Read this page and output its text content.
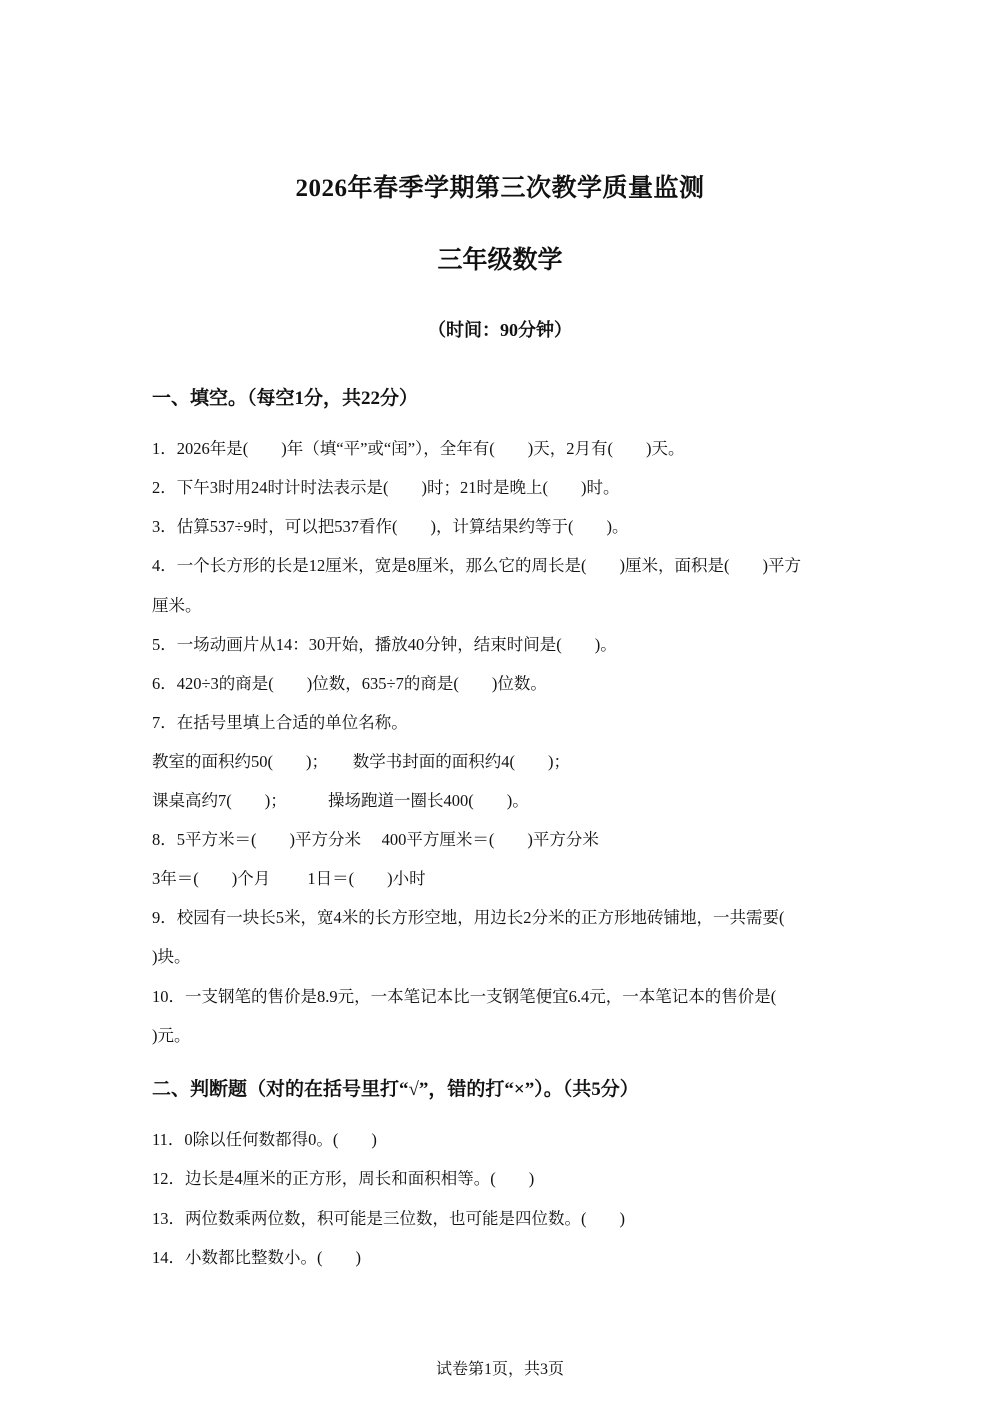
2026年春季学期第三次教学质量监测
三年级数学
（时间：90分钟）
一、填空。（每空1分，共22分）
1．2026年是(　　)年（填“平”或“闰”），全年有(　　)天，2月有(　　)天。
2．下午3时用24时计时法表示是(　　)时；21时是晚上(　　)时。
3．估算537÷9时，可以把537看作(　　)，计算结果约等于(　　)。
4．一个长方形的长是12厘米，宽是8厘米，那么它的周长是(　　)厘米，面积是(　　)平方
厘米。
5．一场动画片从14：30开始，播放40分钟，结束时间是(　　)。
6．420÷3的商是(　　)位数，635÷7的商是(　　)位数。
7．在括号里填上合适的单位名称。
教室的面积约50(　　)；　　数学书封面的面积约4(　　)；
课桌高约7(　　)；　　　操场跑道一圈长400(　　)。
8．5平方米＝(　　)平方分米　 400平方厘米＝(　　)平方分米
3年＝(　　)个月　　 1日＝(　　)小时
9．校园有一块长5米，宽4米的长方形空地，用边长2分米的正方形地砖铺地，一共需要(
)块。
10．一支钢笔的售价是8.9元，一本笔记本比一支钢笔便宜6.4元，一本笔记本的售价是(
)元。
二、判断题（对的在括号里打“√”，错的打“×”）。（共5分）
11．0除以任何数都得0。(　　)
12．边长是4厘米的正方形，周长和面积相等。(　　)
13．两位数乘两位数，积可能是三位数，也可能是四位数。(　　)
14．小数都比整数小。(　　)
试卷第1页，共3页
